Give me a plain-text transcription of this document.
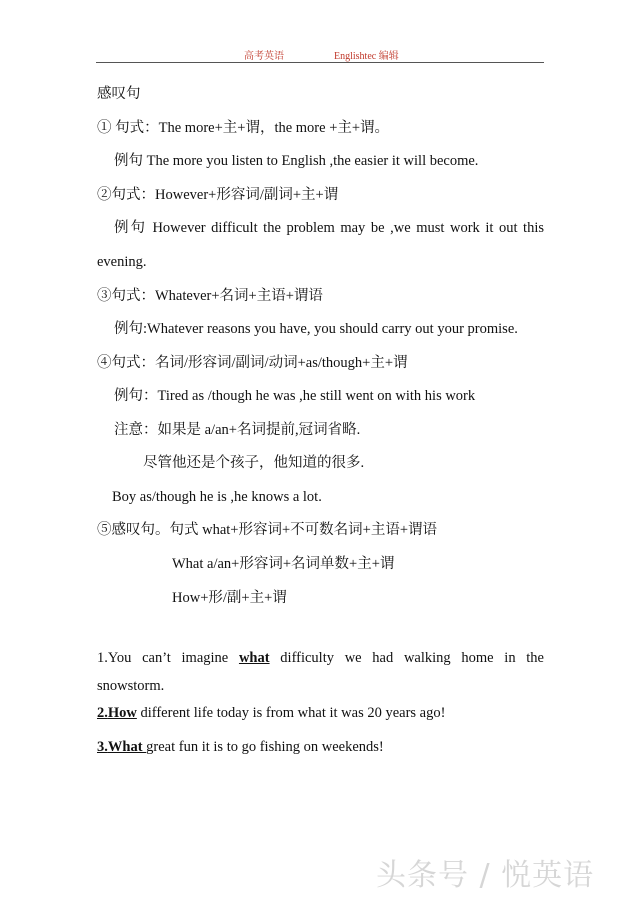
高考英语	Englishtec 编辑
感叹句
① 句式：The more+主+谓，the more +主+谓。
例句 The more you listen to English ,the easier it will become.
②句式：However+形容词/副词+主+谓
例句 However difficult the problem may be ,we must work it out this
evening.
③句式：Whatever+名词+主语+谓语
例句:Whatever reasons you have, you should carry out your promise.
④句式：名词/形容词/副词/动词+as/though+主+谓
例句：Tired as /though he was ,he still went on with his work
注意：如果是 a/an+名词提前,冠词省略.
尽管他还是个孩子，他知道的很多.
Boy as/though he is ,he knows a lot.
⑤感叹句。句式 what+形容词+不可数名词+主语+谓语
What a/an+形容词+名词单数+主+谓
How+形/副+主+谓
1.You can’t imagine what difficulty we had walking home in the
snowstorm.
2.How different life today is from what it was 20 years ago!
3.What great fun it is to go fishing on weekends!
头条号 / 悦英语
